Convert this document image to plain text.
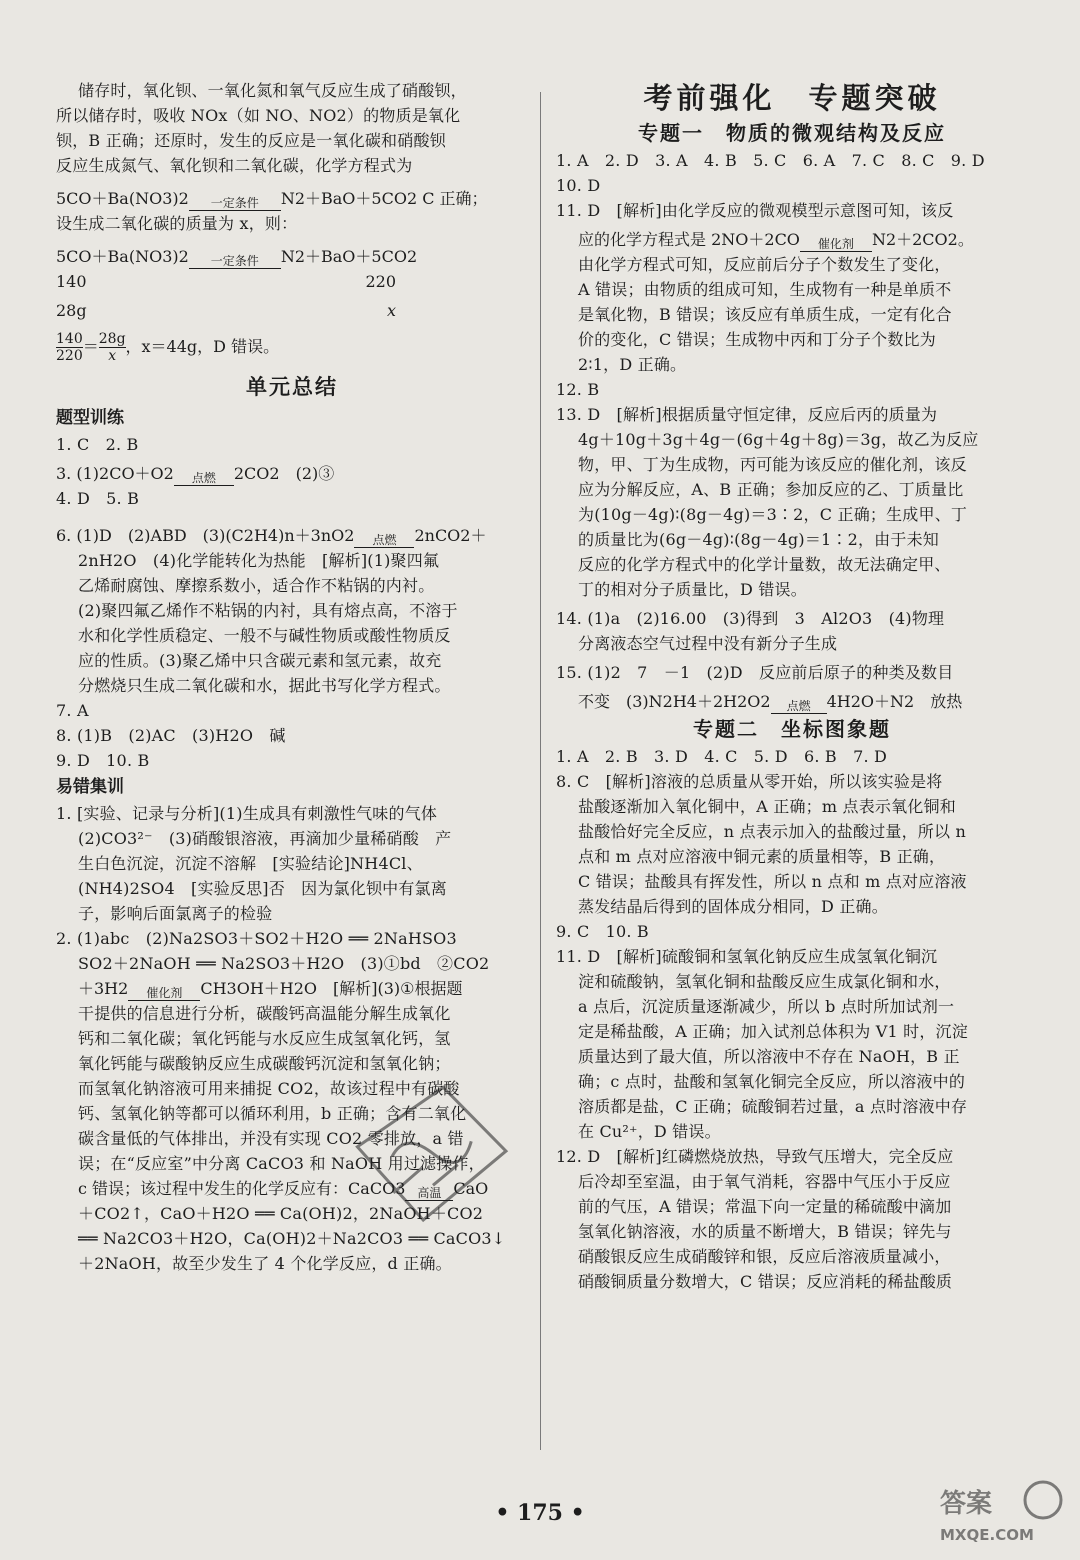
储存时，氧化钡、一氧化氮和氧气反应生成了硝酸钡，
所以储存时，吸收 NOx（如 NO、NO2）的物质是氧化
钡，B 正确；还原时，发生的反应是一氧化碳和硝酸钡
反应生成氮气、氧化钡和二氧化碳，化学方程式为
5CO＋Ba(NO3)2	一定条件	N2＋BaO＋5CO2 C 正确；
设生成二氧化碳的质量为 x，则：
5CO＋Ba(NO3)2	一定条件	N2＋BaO＋5CO2
140	220
28g	x
$\frac{140}{220} = \frac{28g}{x}$ ，x＝44g，D 错误。
单元总结
题型训练
1. C　2. B
3. (1)2CO＋O2	点燃	2CO2　(2)③
4. D　5. B
6. (1)D　(2)ABD　(3)(C2H4)n＋3nO2	点燃	2nCO2＋
2nH2O　(4)化学能转化为热能　[解析](1)聚四氟
乙烯耐腐蚀、摩擦系数小，适合作不粘锅的内衬。
(2)聚四氟乙烯作不粘锅的内衬，具有熔点高，不溶于
水和化学性质稳定、一般不与碱性物质或酸性物质反
应的性质。(3)聚乙烯中只含碳元素和氢元素，故充
分燃烧只生成二氧化碳和水，据此书写化学方程式。
7. A
8. (1)B　(2)AC　(3)H2O　碱
9. D　10. B
易错集训
1. [实验、记录与分析](1)生成具有刺激性气味的气体
(2)CO3²⁻　(3)硝酸银溶液，再滴加少量稀硝酸　产
生白色沉淀，沉淀不溶解　[实验结论]NH4Cl、
(NH4)2SO4　[实验反思]否　因为氯化钡中有氯离
子，影响后面氯离子的检验
2. (1)abc　(2)Na2SO3＋SO2＋H2O ══ 2NaHSO3
SO2＋2NaOH ══ Na2SO3＋H2O　(3)①bd　②CO2
＋3H2	催化剂	CH3OH＋H2O　[解析](3)①根据题
干提供的信息进行分析，碳酸钙高温能分解生成氧化
钙和二氧化碳；氧化钙能与水反应生成氢氧化钙，氢
氧化钙能与碳酸钠反应生成碳酸钙沉淀和氢氧化钠；
而氢氧化钠溶液可用来捕捉 CO2，故该过程中有碳酸
钙、氢氧化钠等都可以循环利用，b 正确；含有二氧化
碳含量低的气体排出，并没有实现 CO2 零排放，a 错
误；在“反应室”中分离 CaCO3 和 NaOH 用过滤操作，
c 错误；该过程中发生的化学反应有：CaCO3 高温 CaO
＋CO2↑，CaO＋H2O ══ Ca(OH)2，2NaOH＋CO2
══ Na2CO3＋H2O，Ca(OH)2＋Na2CO3 ══ CaCO3↓
＋2NaOH，故至少发生了 4 个化学反应，d 正确。
考前强化　专题突破
专题一　物质的微观结构及反应
1. A　2. D　3. A　4. B　5. C　6. A　7. C　8. C　9. D
10. D
11. D　[解析]由化学反应的微观模型示意图可知，该反
应的化学方程式是 2NO＋2CO	催化剂	N2＋2CO2。
由化学方程式可知，反应前后分子个数发生了变化，
A 错误；由物质的组成可知，生成物有一种是单质不
是氧化物，B 错误；该反应有单质生成，一定有化合
价的变化，C 错误；生成物中丙和丁分子个数比为
2∶1，D 正确。
12. B
13. D　[解析]根据质量守恒定律，反应后丙的质量为
4g＋10g＋3g＋4g－(6g＋4g＋8g)＝3g，故乙为反应
物，甲、丁为生成物，丙可能为该反应的催化剂，该反
应为分解反应，A、B 正确；参加反应的乙、丁质量比
为(10g－4g)∶(8g－4g)＝3∶2，C 正确；生成甲、丁
的质量比为(6g－4g)∶(8g－4g)＝1∶2，由于未知
反应的化学方程式中的化学计量数，故无法确定甲、
丁的相对分子质量比，D 错误。
14. (1)a　(2)16.00　(3)得到　3　Al2O3　(4)物理
分离液态空气过程中没有新分子生成
15. (1)2　7　－1　(2)D　反应前后原子的种类及数目
不变　(3)N2H4＋2H2O2	点燃	4H2O＋N2　放热
专题二　坐标图象题
1. A　2. B　3. D　4. C　5. D　6. B　7. D
8. C　[解析]溶液的总质量从零开始，所以该实验是将
盐酸逐渐加入氧化铜中，A 正确；m 点表示氧化铜和
盐酸恰好完全反应，n 点表示加入的盐酸过量，所以 n
点和 m 点对应溶液中铜元素的质量相等，B 正确，
C 错误；盐酸具有挥发性，所以 n 点和 m 点对应溶液
蒸发结晶后得到的固体成分相同，D 正确。
9. C　10. B
11. D　[解析]硫酸铜和氢氧化钠反应生成氢氧化铜沉
淀和硫酸钠，氢氧化铜和盐酸反应生成氯化铜和水，
a 点后，沉淀质量逐渐减少，所以 b 点时所加试剂一
定是稀盐酸，A 正确；加入试剂总体积为 V1 时，沉淀
质量达到了最大值，所以溶液中不存在 NaOH，B 正
确；c 点时，盐酸和氢氧化铜完全反应，所以溶液中的
溶质都是盐，C 正确；硫酸铜若过量，a 点时溶液中存
在 Cu²⁺，D 错误。
12. D　[解析]红磷燃烧放热，导致气压增大，完全反应
后冷却至室温，由于氧气消耗，容器中气压小于反应
前的气压，A 错误；常温下向一定量的稀硫酸中滴加
氢氧化钠溶液，水的质量不断增大，B 错误；锌先与
硝酸银反应生成硝酸锌和银，反应后溶液质量减小，
硝酸铜质量分数增大，C 错误；反应消耗的稀盐酸质
• 175 •	答案
MXQE.COM
